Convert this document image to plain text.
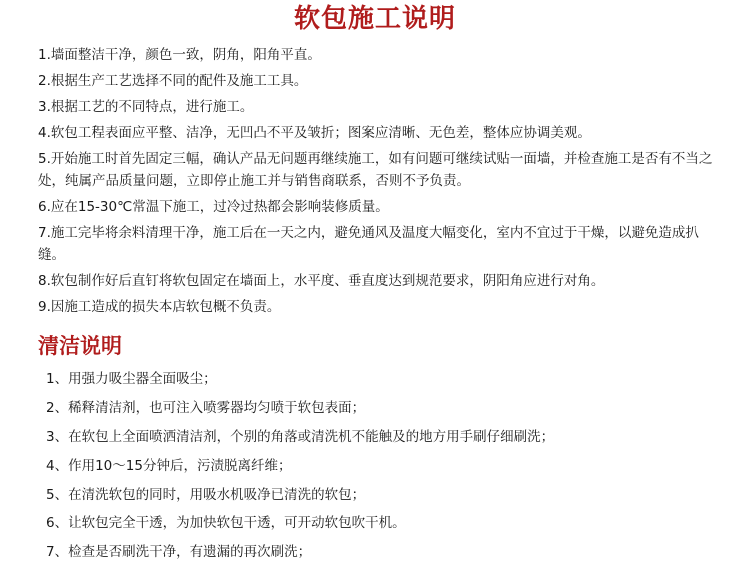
软包施工说明

1.墙面整洁干净，颜色一致，阴角，阳角平直。

2.根据生产工艺选择不同的配件及施工工具。

3.根据工艺的不同特点，进行施工。

4.软包工程表面应平整、洁净，无凹凸不平及皱折；图案应清晰、无色差，整体应协调美观。

5.开始施工时首先固定三幅，确认产品无问题再继续施工，如有问题可继续试贴一面墙，并检查施工是否有不当之处，纯属产品质量问题，立即停止施工并与销售商联系，否则不予负责。

6.应在15-30℃常温下施工，过冷过热都会影响装修质量。

7.施工完毕将余料清理干净，施工后在一天之内，避免通风及温度大幅变化，室内不宜过于干燥，以避免造成扒缝。

8.软包制作好后直钉将软包固定在墙面上，水平度、垂直度达到规范要求，阴阳角应进行对角。

9.因施工造成的损失本店软包概不负责。

清洁说明

1、用强力吸尘器全面吸尘；

2、稀释清洁剂，也可注入喷雾器均匀喷于软包表面；

3、在软包上全面喷洒清洁剂，个别的角落或清洗机不能触及的地方用手刷仔细刷洗；

4、作用10～15分钟后，污渍脱离纤维；

5、在清洗软包的同时，用吸水机吸净已清洗的软包；

6、让软包完全干透，为加快软包干透，可开动软包吹干机。

7、检查是否刷洗干净，有遗漏的再次刷洗；
